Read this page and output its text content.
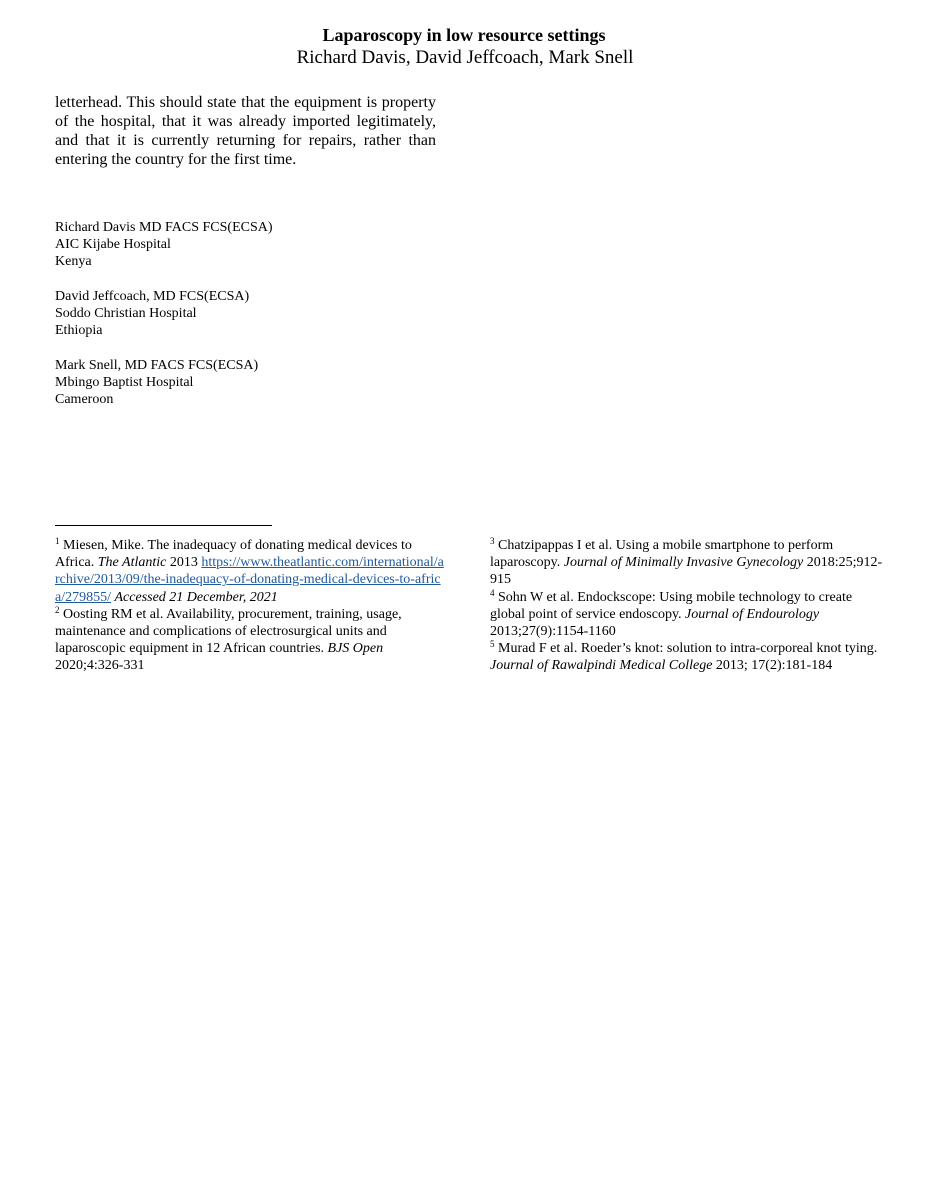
Laparoscopy in low resource settings
Richard Davis, David Jeffcoach, Mark Snell

letterhead. This should state that the equipment is property of the hospital, that it was already imported legitimately, and that it is currently returning for repairs, rather than entering the country for the first time.

Richard Davis MD FACS FCS(ECSA)
AIC Kijabe Hospital
Kenya
David Jeffcoach, MD FCS(ECSA)
Soddo Christian Hospital
Ethiopia
Mark Snell, MD FACS FCS(ECSA)
Mbingo Baptist Hospital
Cameroon

$^1$ Miesen, Mike. The inadequacy of donating medical devices to Africa. The Atlantic 2013 https://www.theatlantic.com/international/archive/2013/09/the-inadequacy-of-donating-medical-devices-to-africa/279855/ Accessed 21 December, 2021

$^2$ Oosting RM et al. Availability, procurement, training, usage, maintenance and complications of electrosurgical units and laparoscopic equipment in 12 African countries. BJS Open 2020;4:326-331

$^3$ Chatzipappas I et al. Using a mobile smartphone to perform laparoscopy. Journal of Minimally Invasive Gynecology 2018:25;912-915

$^4$ Sohn W et al. Endockscope: Using mobile technology to create global point of service endoscopy. Journal of Endourology 2013;27(9):1154-1160

$^5$ Murad F et al. Roeder’s knot: solution to intra-corporeal knot tying. Journal of Rawalpindi Medical College 2013; 17(2):181-184
